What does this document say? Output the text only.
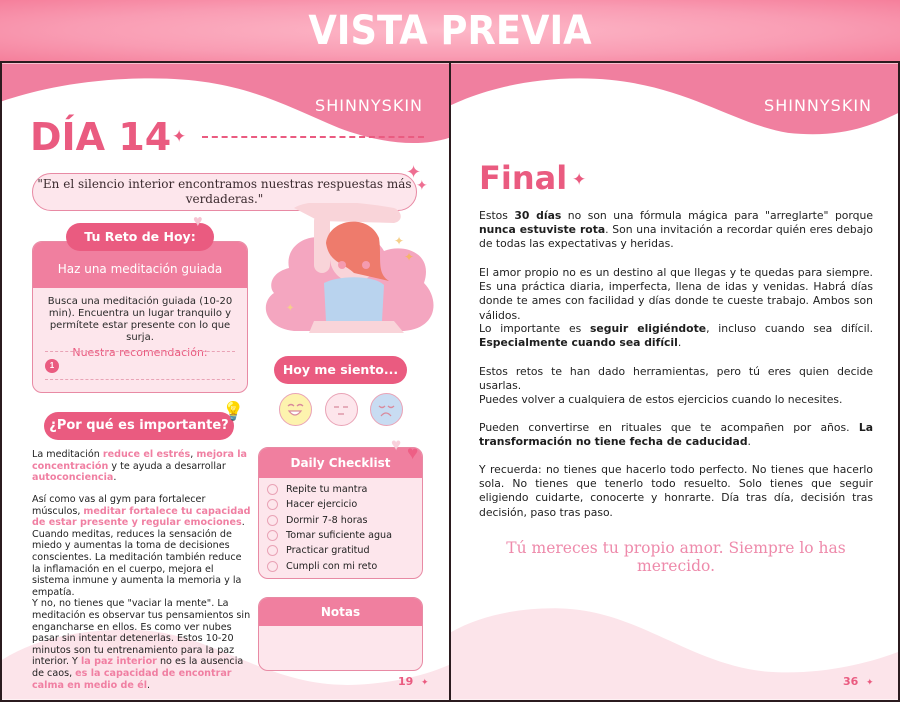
VISTA PREVIA
SHINNYSKIN
DÍA 14 ✦
"En el silencio interior encontramos nuestras respuestas más verdaderas."
✦
✦
Haz una meditación guiada
Busca una meditación guiada (10-20 min). Encuentra un lugar tranquilo y permítete estar presente con lo que surja.
Nuestra recomendación:
1
Tu Reto de Hoy:
♥
✦
✦
✦
Hoy me siento...
¿Por qué es importante?
💡
La meditación reduce el estrés, mejora la concentración y te ayuda a desarrollar autoconciencia.
Así como vas al gym para fortalecer músculos, meditar fortalece tu capacidad de estar presente y regular emociones. Cuando meditas, reduces la sensación de miedo y aumentas la toma de decisiones conscientes. La meditación también reduce la inflamación en el cuerpo, mejora el sistema inmune y aumenta la memoria y la empatía.
Y no, no tienes que "vaciar la mente". La meditación es observar tus pensamientos sin engancharse en ellos. Es como ver nubes pasar sin intentar detenerlas. Estos 10-20 minutos son tu entrenamiento para la paz interior. Y la paz interior no es la ausencia de caos, es la capacidad de encontrar calma en medio de él.
Daily Checklist
Repite tu mantra
Hacer ejercicio
Dormir 7-8 horas
Tomar suficiente agua
Practicar gratitud
Cumpli con mi reto
♥ ♥
Notas
19 ✦
SHINNYSKIN
Final ✦
Estos 30 días no son una fórmula mágica para "arreglarte" porque nunca estuviste rota. Son una invitación a recordar quién eres debajo de todas las expectativas y heridas.
El amor propio no es un destino al que llegas y te quedas para siempre. Es una práctica diaria, imperfecta, llena de idas y venidas. Habrá días donde te ames con facilidad y días donde te cueste trabajo. Ambos son válidos.
Lo importante es seguir eligiéndote, incluso cuando sea difícil. Especialmente cuando sea difícil.
Estos retos te han dado herramientas, pero tú eres quien decide usarlas.
Puedes volver a cualquiera de estos ejercicios cuando lo necesites.
Pueden convertirse en rituales que te acompañen por años. La transformación no tiene fecha de caducidad.
Y recuerda: no tienes que hacerlo todo perfecto. No tienes que hacerlo sola. No tienes que tenerlo todo resuelto. Solo tienes que seguir eligiendo cuidarte, conocerte y honrarte. Día tras día, decisión tras decisión, paso tras paso.
Tú mereces tu propio amor. Siempre lo has merecido.
36 ✦
